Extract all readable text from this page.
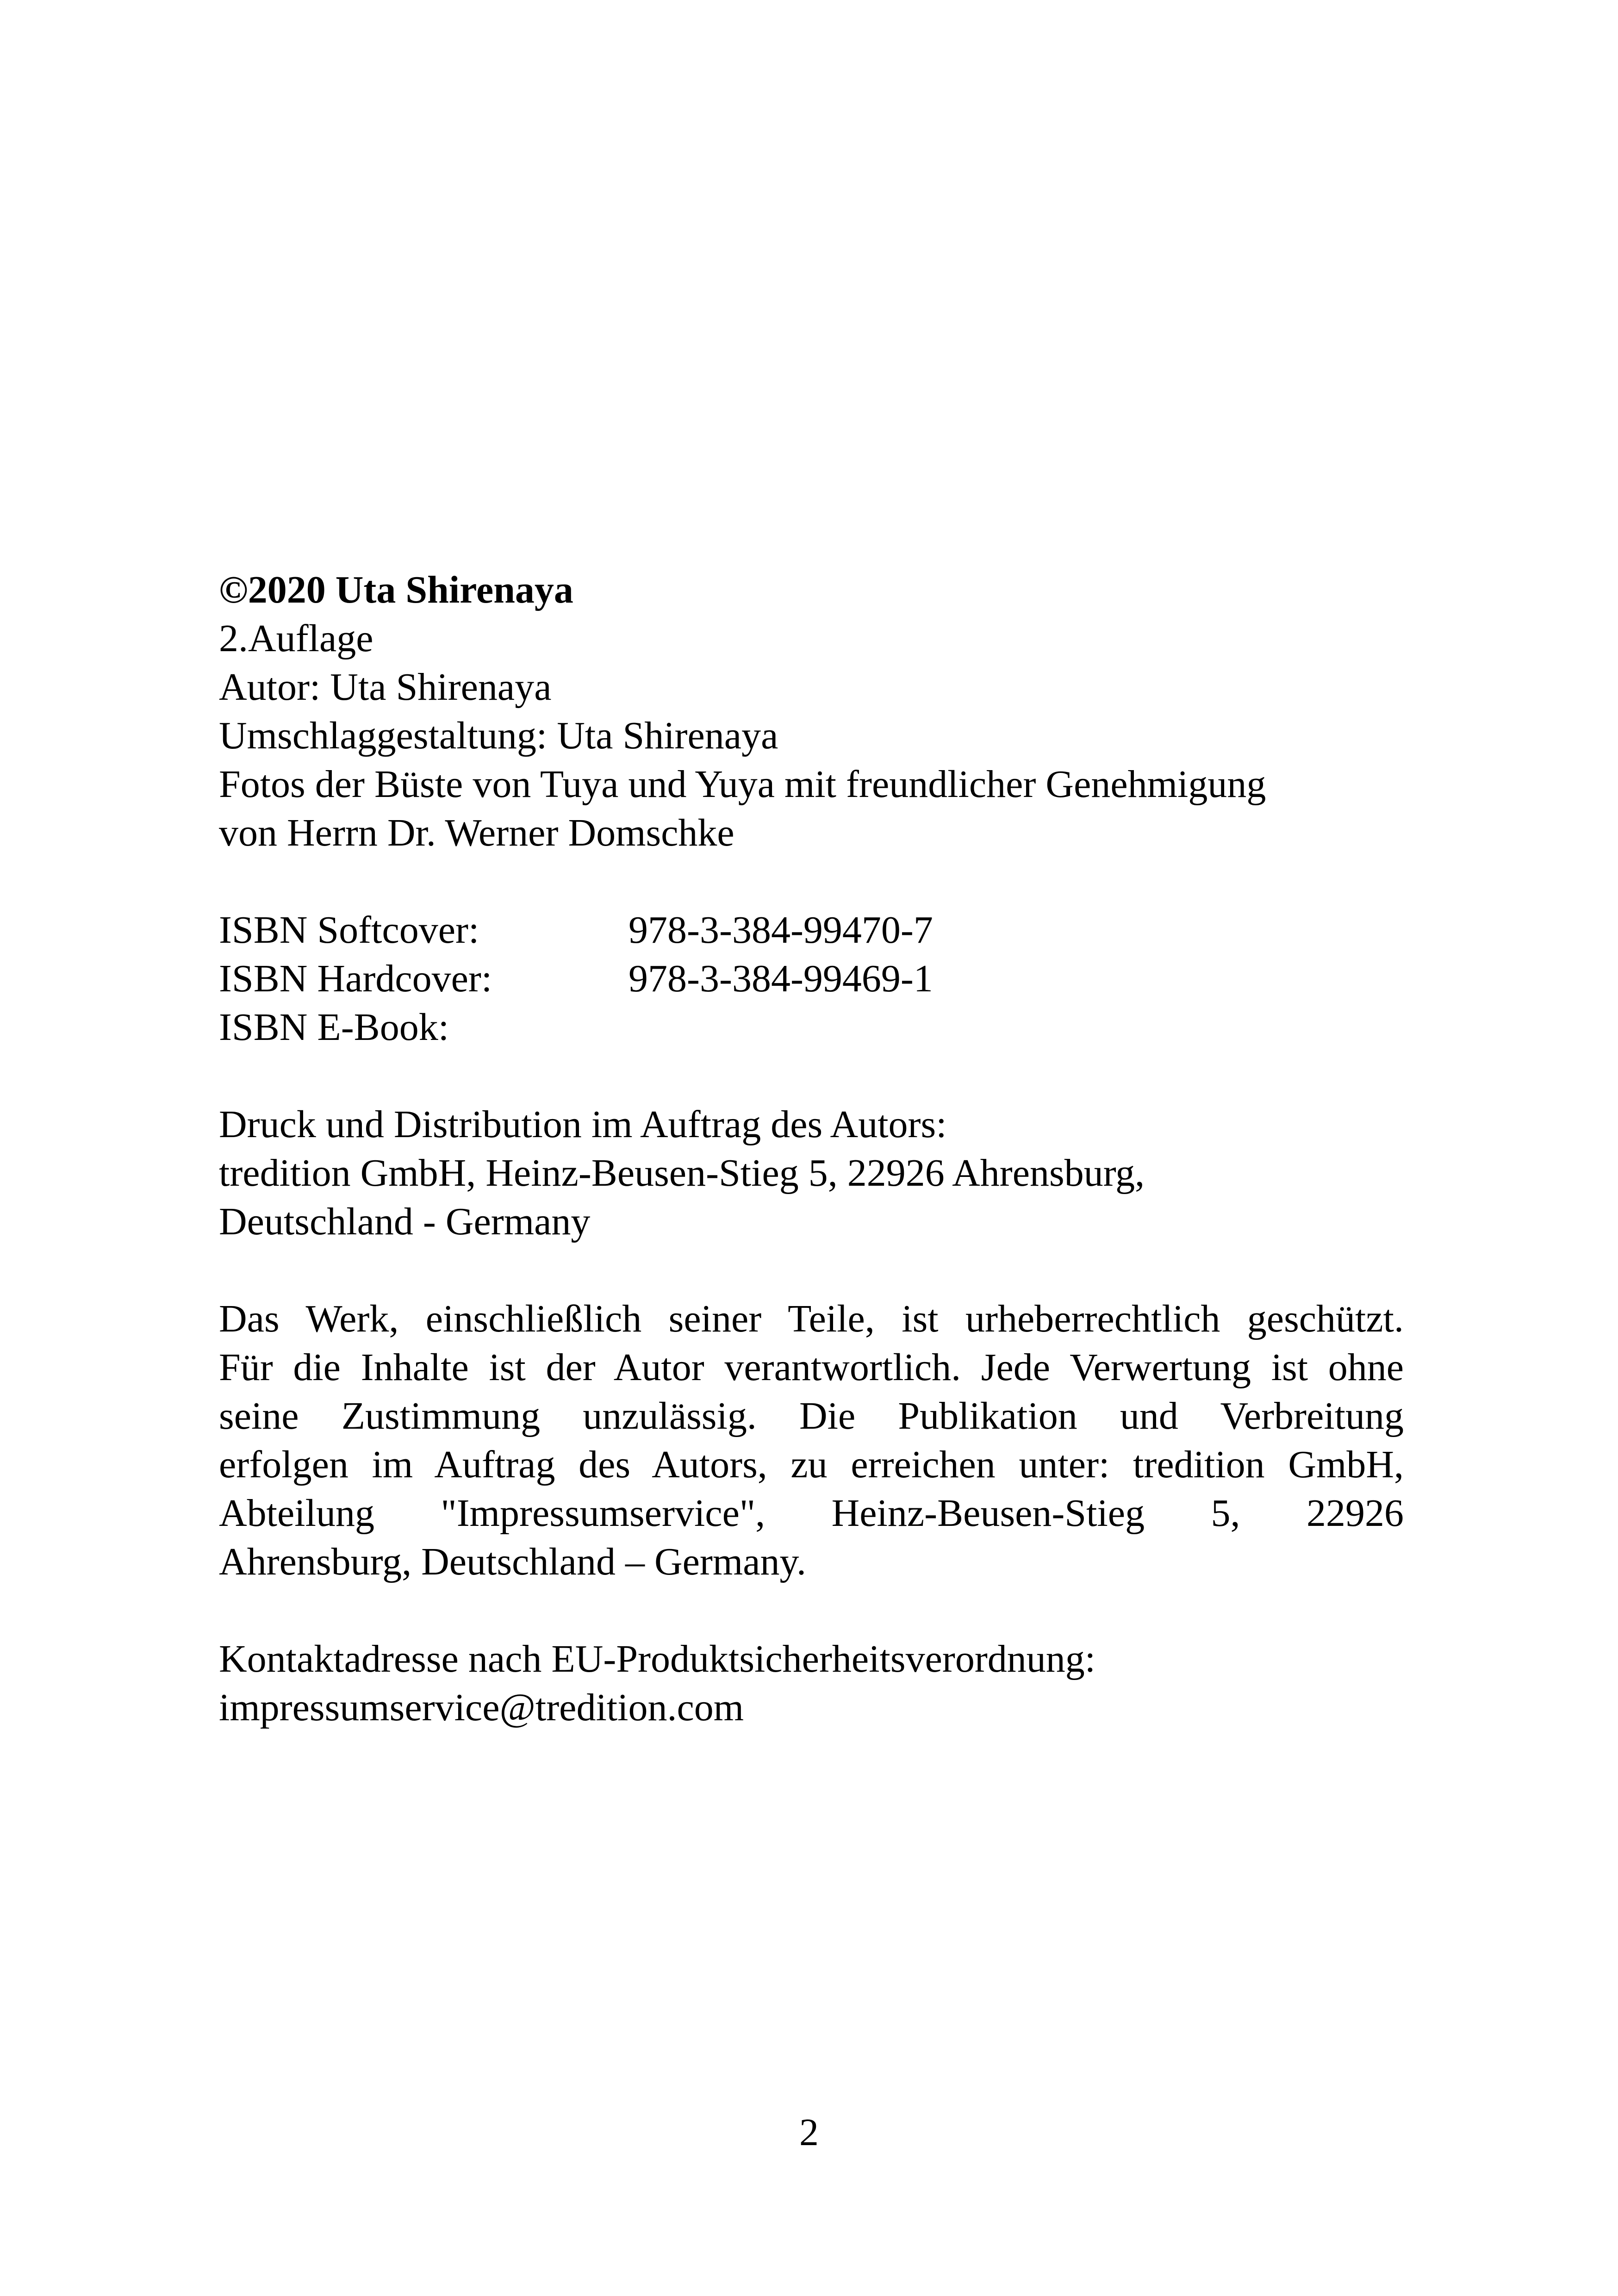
©2020 Uta Shirenaya
2.Auflage
Autor: Uta Shirenaya
Umschlaggestaltung: Uta Shirenaya
Fotos der Büste von Tuya und Yuya mit freundlicher Genehmigung
von Herrn Dr. Werner Domschke
ISBN Softcover:	978-3-384-99470-7
ISBN Hardcover:	978-3-384-99469-1
ISBN E-Book:
Druck und Distribution im Auftrag des Autors:
tredition GmbH, Heinz-Beusen-Stieg 5, 22926 Ahrensburg,
Deutschland - Germany
Das Werk, einschließlich seiner Teile, ist urheberrechtlich geschützt.
Für die Inhalte ist der Autor verantwortlich. Jede Verwertung ist ohne
seine Zustimmung unzulässig. Die Publikation und Verbreitung
erfolgen im Auftrag des Autors, zu erreichen unter: tredition GmbH,
Abteilung "Impressumservice", Heinz-Beusen-Stieg 5, 22926
Ahrensburg, Deutschland – Germany.
Kontaktadresse nach EU-Produktsicherheitsverordnung:
impressumservice@tredition.com
2
